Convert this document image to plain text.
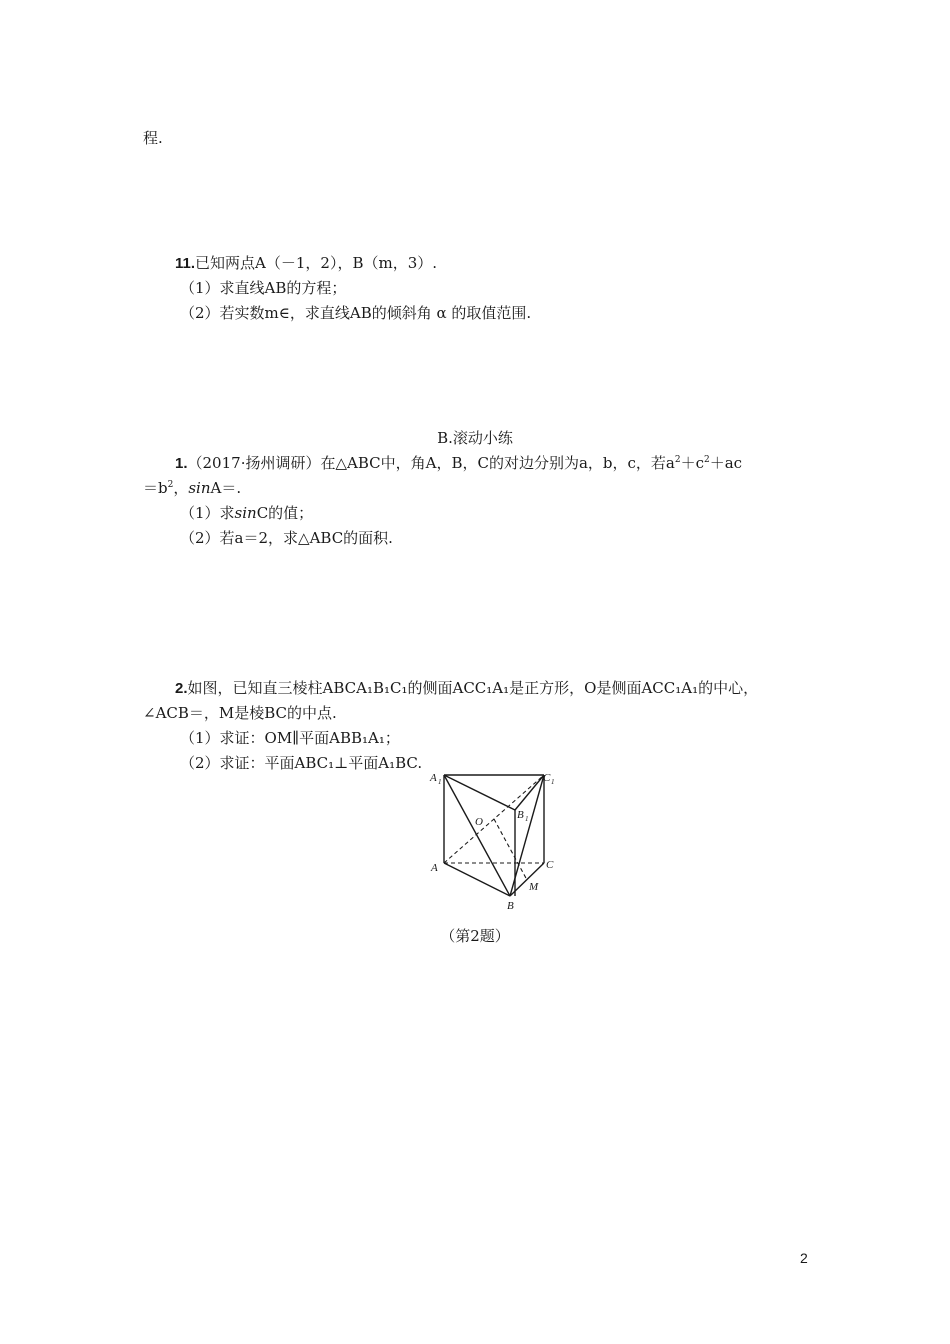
程.
11.已知两点A（－1，2），B（m，3）.
（1）求直线AB的方程；
（2）若实数m∈，求直线AB的倾斜角 α 的取值范围.
B.滚动小练
1.（2017·扬州调研）在△ABC中，角A，B，C的对边分别为a，b，c，若$a^2+c^2+ac$
$=b^2$，sinA＝.
（1）求sinC的值；
（2）若a＝2，求△ABC的面积.
2.如图，已知直三棱柱ABCA₁B₁C₁的侧面ACC₁A₁是正方形，O是侧面ACC₁A₁的中心，
∠ACB＝，M是棱BC的中点.
（1）求证：OM∥平面ABB₁A₁；
（2）求证：平面ABC₁⊥平面A₁BC.
A 1	C 1
B 1
O
A	C
M
B
（第2题）
2
